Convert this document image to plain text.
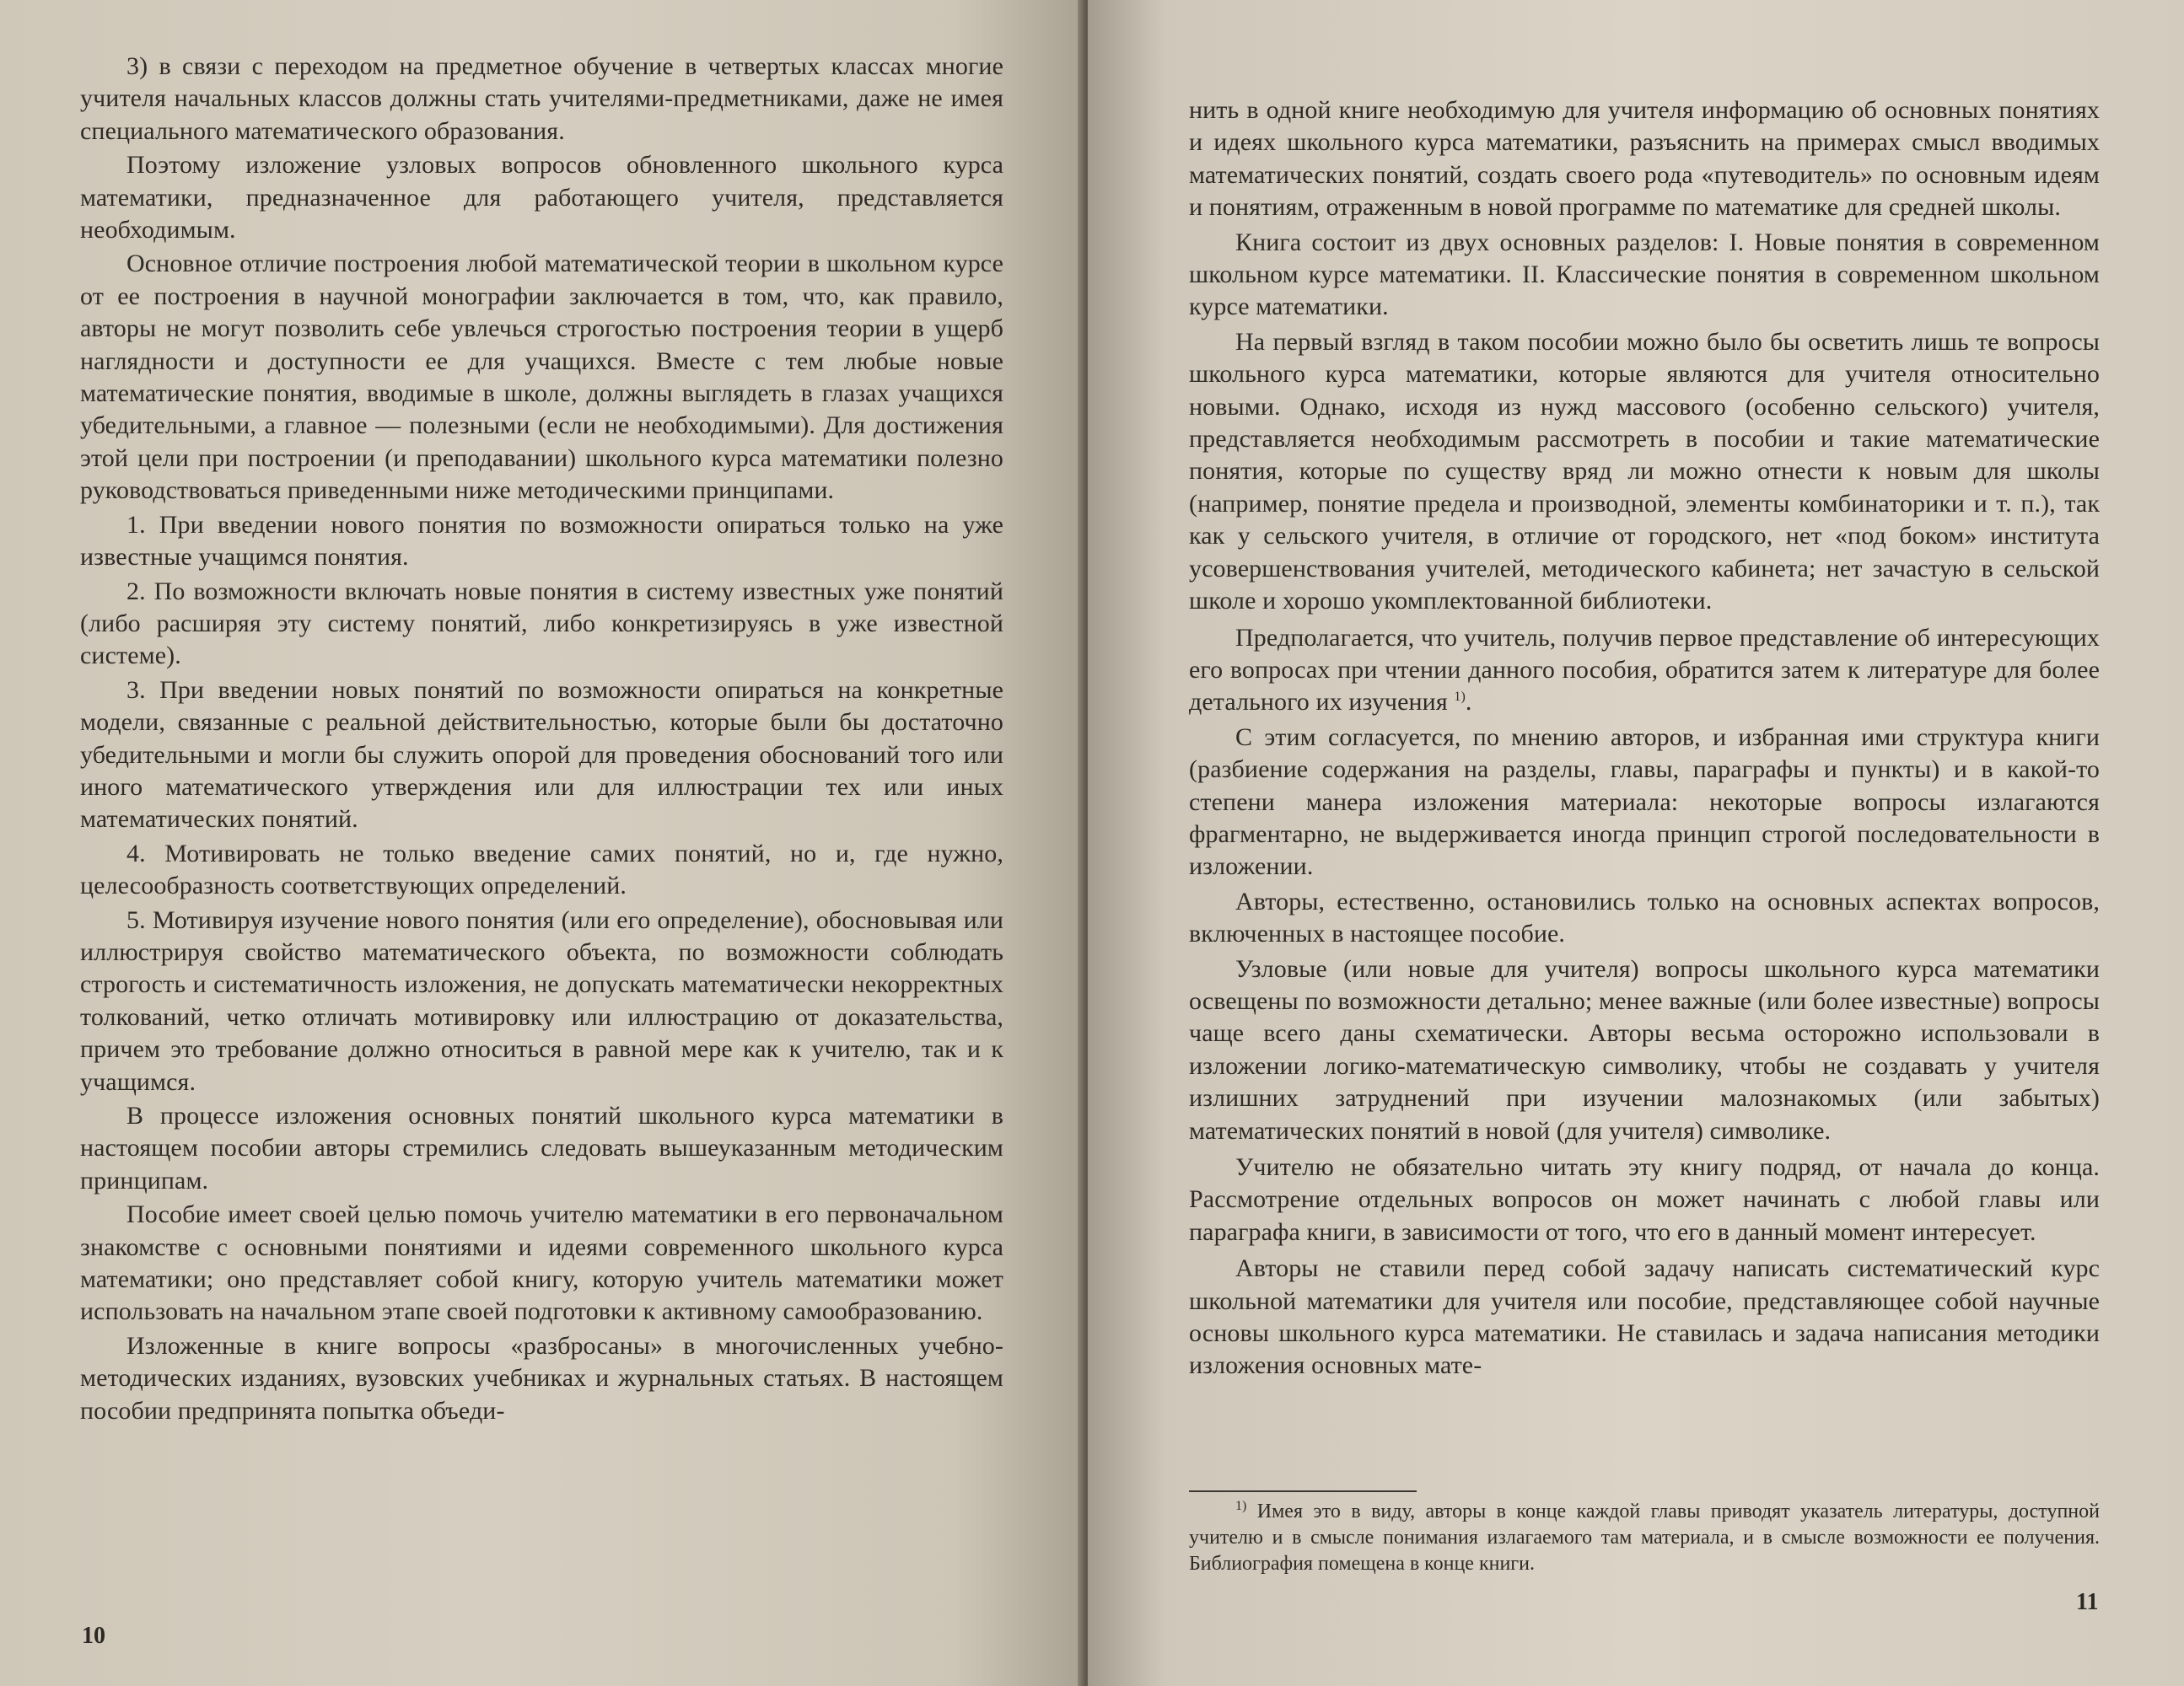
3) в связи с переходом на предметное обучение в четвертых классах многие учителя начальных классов должны стать учителями-предметниками, даже не имея специального математического образования.

Поэтому изложение узловых вопросов обновленного школьного курса математики, предназначенное для работающего учителя, представляется необходимым.

Основное отличие построения любой математической теории в школьном курсе от ее построения в научной монографии заключается в том, что, как правило, авторы не могут позволить себе увлечься строгостью построения теории в ущерб наглядности и доступности ее для учащихся. Вместе с тем любые новые математические понятия, вводимые в школе, должны выглядеть в глазах учащихся убедительными, а главное — полезными (если не необходимыми). Для достижения этой цели при построении (и преподавании) школьного курса математики полезно руководствоваться приведенными ниже методическими принципами.

1. При введении нового понятия по возможности опираться только на уже известные учащимся понятия.

2. По возможности включать новые понятия в систему известных уже понятий (либо расширяя эту систему понятий, либо конкретизируясь в уже известной системе).

3. При введении новых понятий по возможности опираться на конкретные модели, связанные с реальной действительностью, которые были бы достаточно убедительными и могли бы служить опорой для проведения обоснований того или иного математического утверждения или для иллюстрации тех или иных математических понятий.

4. Мотивировать не только введение самих понятий, но и, где нужно, целесообразность соответствующих определений.

5. Мотивируя изучение нового понятия (или его определение), обосновывая или иллюстрируя свойство математического объекта, по возможности соблюдать строгость и систематичность изложения, не допускать математически некорректных толкований, четко отличать мотивировку или иллюстрацию от доказательства, причем это требование должно относиться в равной мере как к учителю, так и к учащимся.

В процессе изложения основных понятий школьного курса математики в настоящем пособии авторы стремились следовать вышеуказанным методическим принципам.

Пособие имеет своей целью помочь учителю математики в его первоначальном знакомстве с основными понятиями и идеями современного школьного курса математики; оно представляет собой книгу, которую учитель математики может использовать на начальном этапе своей подготовки к активному самообразованию.

Изложенные в книге вопросы «разбросаны» в многочисленных учебно-методических изданиях, вузовских учебниках и журнальных статьях. В настоящем пособии предпринята попытка объеди-

10

нить в одной книге необходимую для учителя информацию об основных понятиях и идеях школьного курса математики, разъяснить на примерах смысл вводимых математических понятий, создать своего рода «путеводитель» по основным идеям и понятиям, отраженным в новой программе по математике для средней школы.

Книга состоит из двух основных разделов: I. Новые понятия в современном школьном курсе математики. II. Классические понятия в современном школьном курсе математики.

На первый взгляд в таком пособии можно было бы осветить лишь те вопросы школьного курса математики, которые являются для учителя относительно новыми. Однако, исходя из нужд массового (особенно сельского) учителя, представляется необходимым рассмотреть в пособии и такие математические понятия, которые по существу вряд ли можно отнести к новым для школы (например, понятие предела и производной, элементы комбинаторики и т. п.), так как у сельского учителя, в отличие от городского, нет «под боком» института усовершенствования учителей, методического кабинета; нет зачастую в сельской школе и хорошо укомплектованной библиотеки.

Предполагается, что учитель, получив первое представление об интересующих его вопросах при чтении данного пособия, обратится затем к литературе для более детального их изучения $^{1)}$.

С этим согласуется, по мнению авторов, и избранная ими структура книги (разбиение содержания на разделы, главы, параграфы и пункты) и в какой-то степени манера изложения материала: некоторые вопросы излагаются фрагментарно, не выдерживается иногда принцип строгой последовательности в изложении.

Авторы, естественно, остановились только на основных аспектах вопросов, включенных в настоящее пособие.

Узловые (или новые для учителя) вопросы школьного курса математики освещены по возможности детально; менее важные (или более известные) вопросы чаще всего даны схематически. Авторы весьма осторожно использовали в изложении логико-математическую символику, чтобы не создавать у учителя излишних затруднений при изучении малознакомых (или забытых) математических понятий в новой (для учителя) символике.

Учителю не обязательно читать эту книгу подряд, от начала до конца. Рассмотрение отдельных вопросов он может начинать с любой главы или параграфа книги, в зависимости от того, что его в данный момент интересует.

Авторы не ставили перед собой задачу написать систематический курс школьной математики для учителя или пособие, представляющее собой научные основы школьного курса математики. Не ставилась и задача написания методики изложения основных мате-

$^{1)}$ Имея это в виду, авторы в конце каждой главы приводят указатель литературы, доступной учителю и в смысле понимания излагаемого там материала, и в смысле возможности ее получения. Библиография помещена в конце книги.

11
